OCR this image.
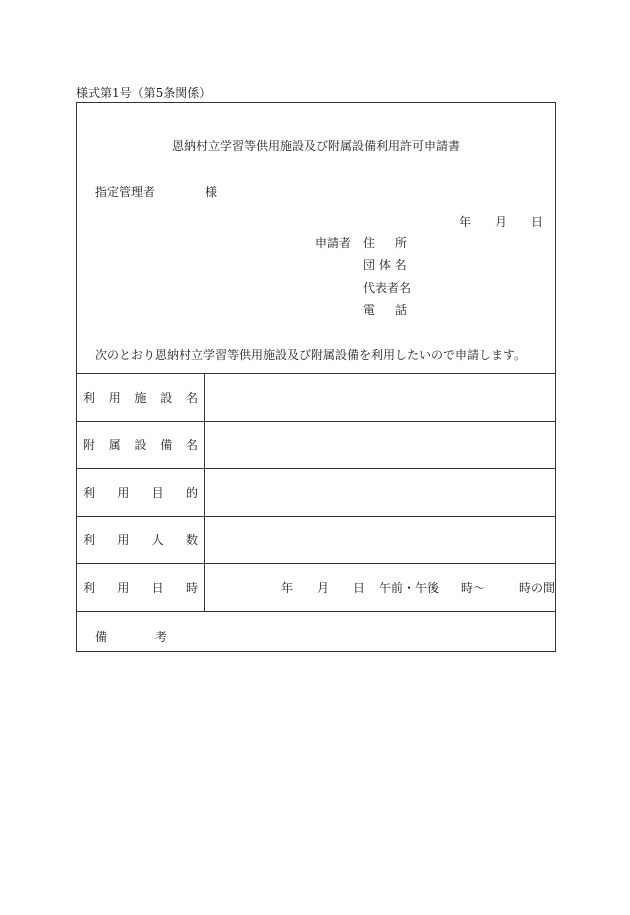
様式第1号（第5条関係）
恩納村立学習等供用施設及び附属設備利用許可申請書
指定管理者	様
年 月 日
申請者 住 所
団 体 名
代表者名
電 話
次のとおり恩納村立学習等供用施設及び附属設備を利用したいので申請します。
利 用 施 設 名
附 属 設 備 名
利 用 目 的
利 用 人 数
利 用 日 時	年 月 日 午前・午後 時～	時の間
備	考
